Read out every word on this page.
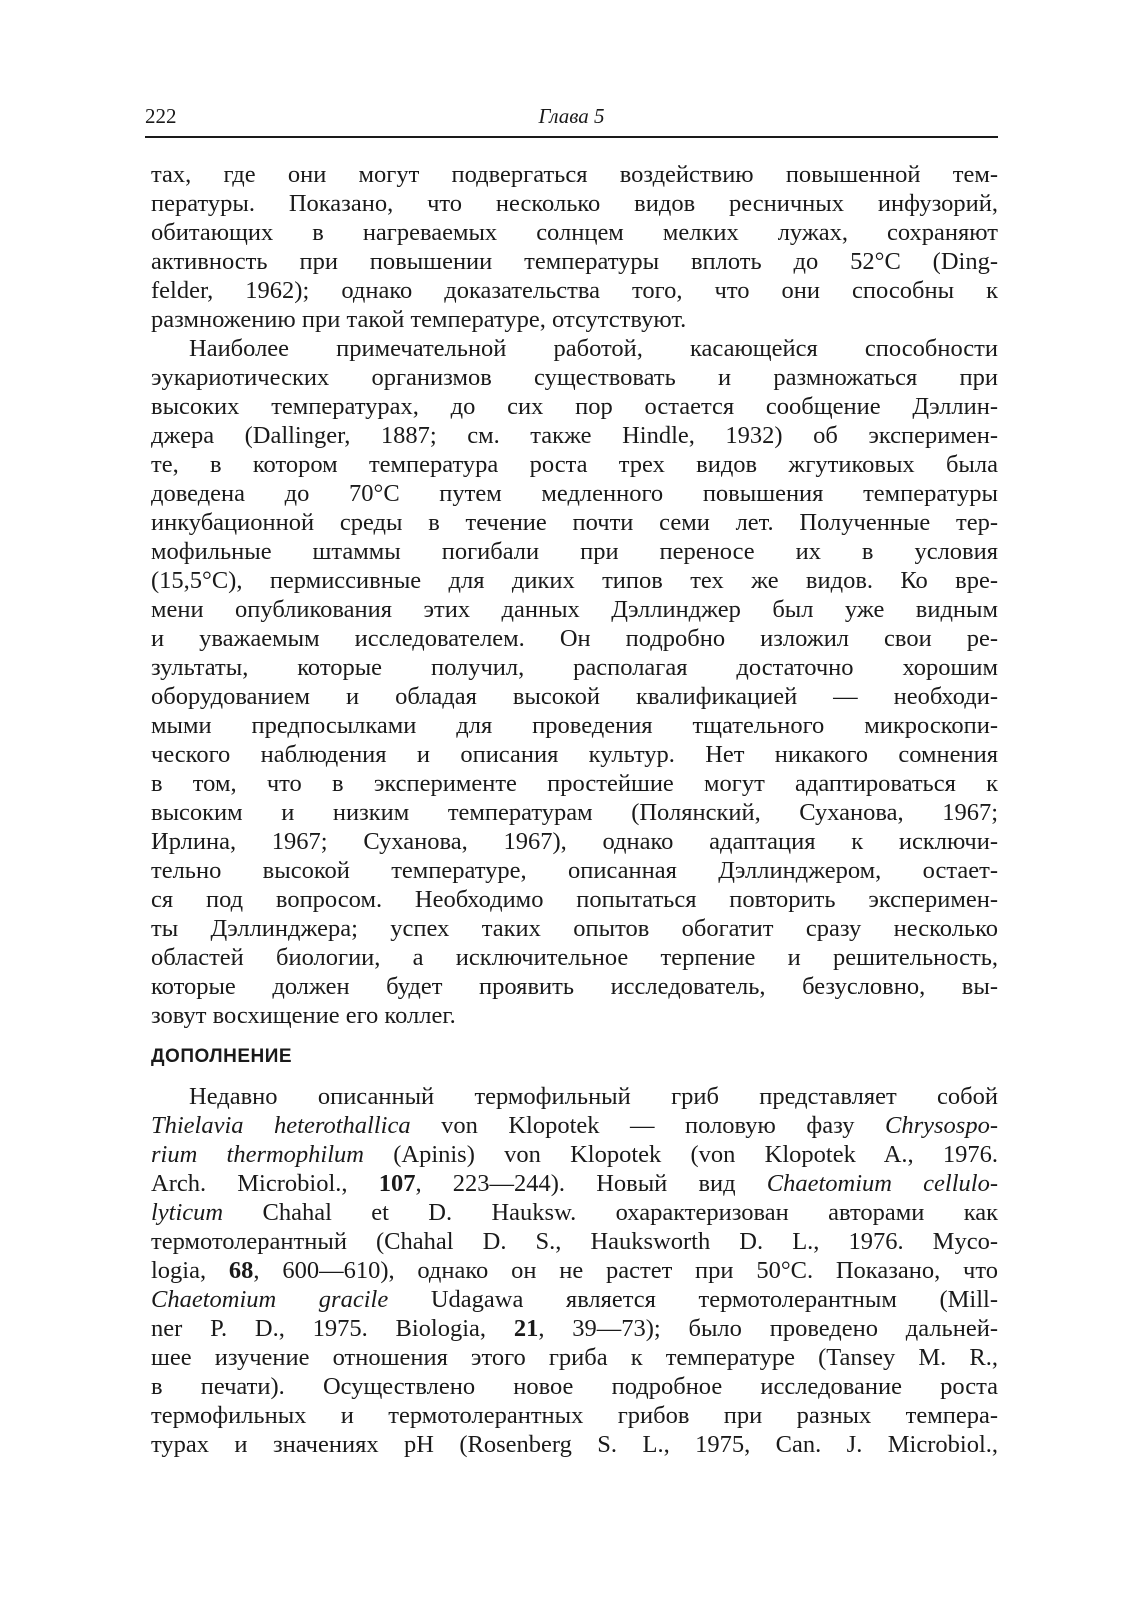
222	Глава 5
тах, где они могут подвергаться воздействию повышенной тем-
пературы. Показано, что несколько видов ресничных инфузорий,
обитающих в нагреваемых солнцем мелких лужах, сохраняют
активность при повышении температуры вплоть до 52°С (Ding-
felder, 1962); однако доказательства того, что они способны к
размножению при такой температуре, отсутствуют.
Наиболее примечательной работой, касающейся способности
эукариотических организмов существовать и размножаться при
высоких температурах, до сих пор остается сообщение Дэллин-
джера (Dallinger, 1887; см. также Hindle, 1932) об эксперимен-
те, в котором температура роста трех видов жгутиковых была
доведена до 70°С путем медленного повышения температуры
инкубационной среды в течение почти семи лет. Полученные тер-
мофильные штаммы погибали при переносе их в условия
(15,5°С), пермиссивные для диких типов тех же видов. Ко вре-
мени опубликования этих данных Дэллинджер был уже видным
и уважаемым исследователем. Он подробно изложил свои ре-
зультаты, которые получил, располагая достаточно хорошим
оборудованием и обладая высокой квалификацией — необходи-
мыми предпосылками для проведения тщательного микроскопи-
ческого наблюдения и описания культур. Нет никакого сомнения
в том, что в эксперименте простейшие могут адаптироваться к
высоким и низким температурам (Полянский, Суханова, 1967;
Ирлина, 1967; Суханова, 1967), однако адаптация к исключи-
тельно высокой температуре, описанная Дэллинджером, остает-
ся под вопросом. Необходимо попытаться повторить эксперимен-
ты Дэллинджера; успех таких опытов обогатит сразу несколько
областей биологии, а исключительное терпение и решительность,
которые должен будет проявить исследователь, безусловно, вы-
зовут восхищение его коллег.
ДОПОЛНЕНИЕ
Недавно описанный термофильный гриб представляет собой
Thielavia heterothallica von Klopotek — половую фазу Chrysospo-
rium thermophilum (Apinis) von Klopotek (von Klopotek A., 1976.
Arch. Microbiol., 107, 223—244). Новый вид Chaetomium cellulo-
lyticum Chahal et D. Hauksw. охарактеризован авторами как
термотолерантный (Chahal D. S., Hauksworth D. L., 1976. Myco-
logia, 68, 600—610), однако он не растет при 50°С. Показано, что
Chaetomium gracile Udagawa является термотолерантным (Mill-
ner P. D., 1975. Biologia, 21, 39—73); было проведено дальней-
шее изучение отношения этого гриба к температуре (Tansey M. R.,
в печати). Осуществлено новое подробное исследование роста
термофильных и термотолерантных грибов при разных темпера-
турах и значениях pH (Rosenberg S. L., 1975, Can. J. Microbiol.,
